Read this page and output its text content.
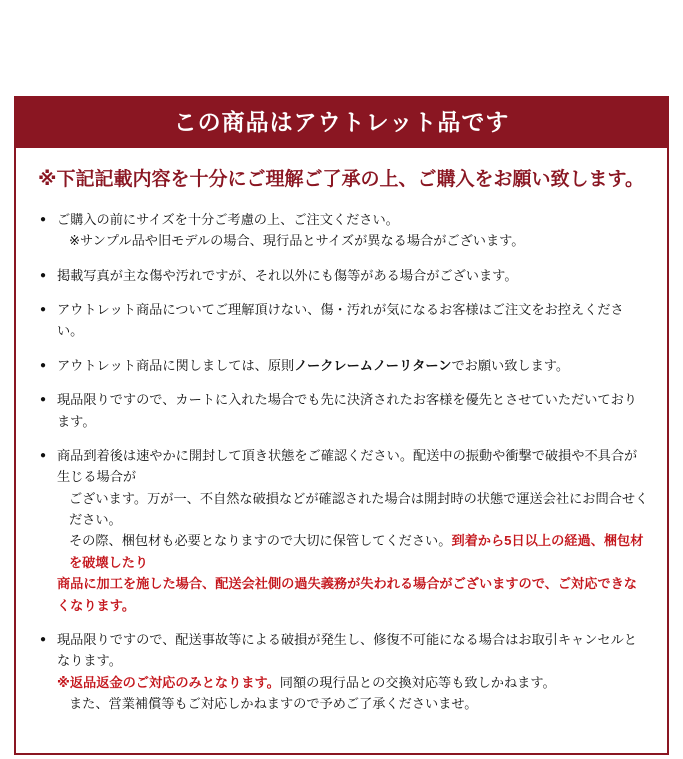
この商品はアウトレット品です
※下記記載内容を十分にご理解ご了承の上、ご購入をお願い致します。
● ご購入の前にサイズを十分ご考慮の上、ご注文ください。
※サンプル品や旧モデルの場合、現行品とサイズが異なる場合がございます。
● 掲載写真が主な傷や汚れですが、それ以外にも傷等がある場合がございます。
● アウトレット商品についてご理解頂けない、傷・汚れが気になるお客様はご注文をお控えください。
● アウトレット商品に関しましては、原則ノークレームノーリターンでお願い致します。
● 現品限りですので、カートに入れた場合でも先に決済されたお客様を優先とさせていただいております。
● 商品到着後は速やかに開封して頂き状態をご確認ください。配送中の振動や衝撃で破損や不具合が生じる場合が
ございます。万が一、不自然な破損などが確認された場合は開封時の状態で運送会社にお問合せください。
その際、梱包材も必要となりますので大切に保管してください。到着から5日以上の経過、梱包材を破壊したり
商品に加工を施した場合、配送会社側の過失義務が失われる場合がございますので、ご対応できなくなります。
● 現品限りですので、配送事故等による破損が発生し、修復不可能になる場合はお取引キャンセルとなります。
※返品返金のご対応のみとなります。同額の現行品との交換対応等も致しかねます。
また、営業補償等もご対応しかねますので予めご了承くださいませ。
